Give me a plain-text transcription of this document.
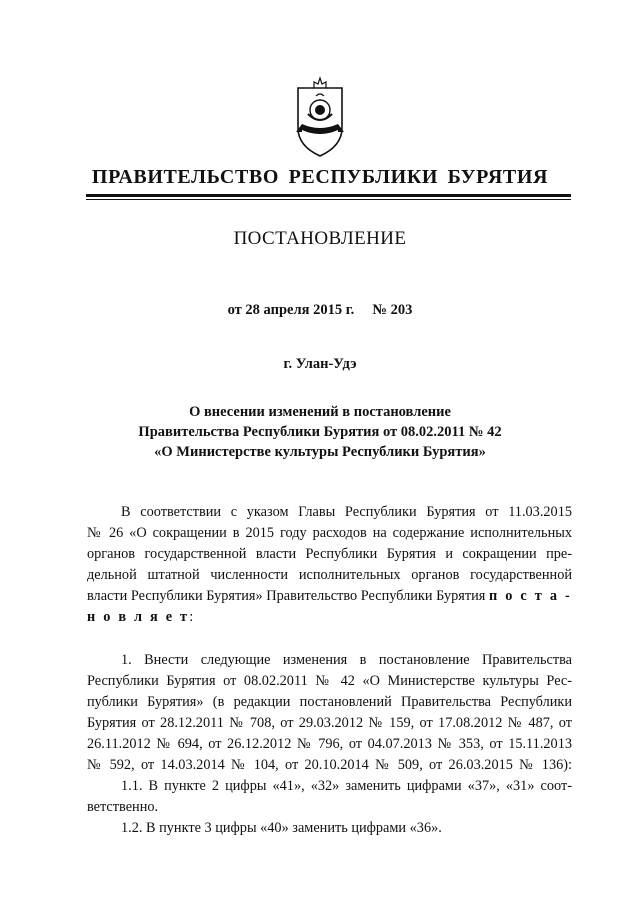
ПРАВИТЕЛЬСТВО РЕСПУБЛИКИ БУРЯТИЯ
ПОСТАНОВЛЕНИЕ
от 28 апреля 2015 г.     № 203
г. Улан-Удэ
О внесении изменений в постановление
Правительства Республики Бурятия от 08.02.2011 № 42
«О Министерстве культуры Республики Бурятия»
В соответствии с указом Главы Республики Бурятия от 11.03.2015
№ 26 «О сокращении в 2015 году расходов на содержание исполнительных
органов государственной власти Республики Бурятия и сокращении пре-
дельной штатной численности исполнительных органов государственной
власти Республики Бурятия» Правительство Республики Бурятия п о с т а -
н о в л я е т:
1. Внести следующие изменения в постановление Правительства
Республики Бурятия от 08.02.2011 № 42 «О Министерстве культуры Рес-
публики Бурятия» (в редакции постановлений Правительства Республики
Бурятия от 28.12.2011 № 708, от 29.03.2012 № 159, от 17.08.2012 № 487, от
26.11.2012 № 694, от 26.12.2012 № 796, от 04.07.2013 № 353, от 15.11.2013
№ 592, от 14.03.2014 № 104, от 20.10.2014 № 509, от 26.03.2015 № 136):
1.1. В пункте 2 цифры «41», «32» заменить цифрами «37», «31» соот-
ветственно.
1.2. В пункте 3 цифры «40» заменить цифрами «36».
